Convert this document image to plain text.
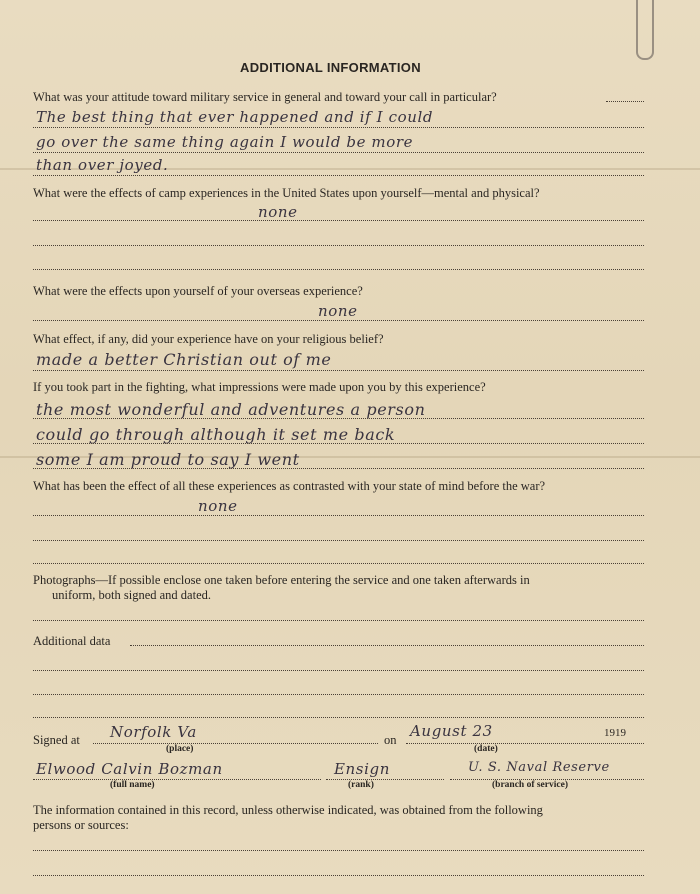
ADDITIONAL INFORMATION
What was your attitude toward military service in general and toward your call in particular?
The best thing that ever happened and if I could
go over the same thing again I would be more
than over joyed.
What were the effects of camp experiences in the United States upon yourself—mental and physical?
none
What were the effects upon yourself of your overseas experience?
none
What effect, if any, did your experience have on your religious belief?
made a better Christian out of me
If you took part in the fighting, what impressions were made upon you by this experience?
the most wonderful and adventures a person
could go through although it set me back
some I am proud to say I went
What has been the effect of all these experiences as contrasted with your state of mind before the war?
none
Photographs—If possible enclose one taken before entering the service and one taken afterwards in
uniform, both signed and dated.
Additional data
Signed at Norfolk Va
(place)
on August 23	1919
(date)
Elwood Calvin Bozman
(full name)
Ensign
(rank)
U. S. Naval Reserve
(branch of service)
The information contained in this record, unless otherwise indicated, was obtained from the following
persons or sources:
